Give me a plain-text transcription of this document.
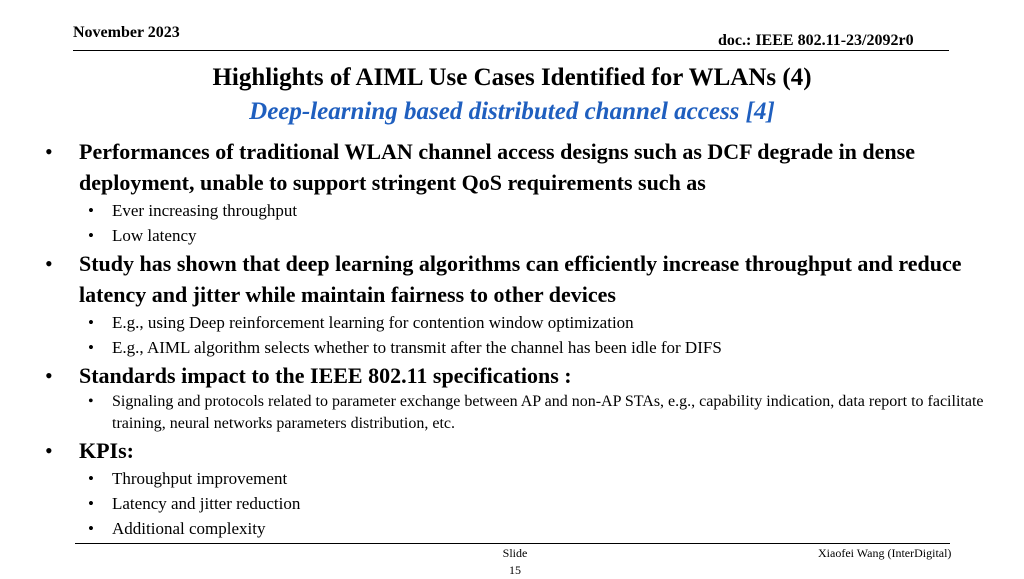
November 2023	doc.: IEEE 802.11-23/2092r0
Highlights of AIML Use Cases Identified for WLANs (4)
Deep-learning based distributed channel access [4]
• Performances of traditional WLAN channel access designs such as DCF degrade in dense deployment, unable to support stringent QoS requirements such as
• Ever increasing throughput
• Low latency
• Study has shown that deep learning algorithms can efficiently increase throughput and reduce latency and jitter while maintain fairness to other devices
• E.g., using Deep reinforcement learning for contention window optimization
• E.g., AIML algorithm selects whether to transmit after the channel has been idle for DIFS
• Standards impact to the IEEE 802.11 specifications :
• Signaling and protocols related to parameter exchange between AP and non-AP STAs, e.g., capability indication, data report to facilitate training, neural networks parameters distribution, etc.
• KPIs:
• Throughput improvement
• Latency and jitter reduction
• Additional complexity
Slide
15
Xiaofei Wang (InterDigital)
